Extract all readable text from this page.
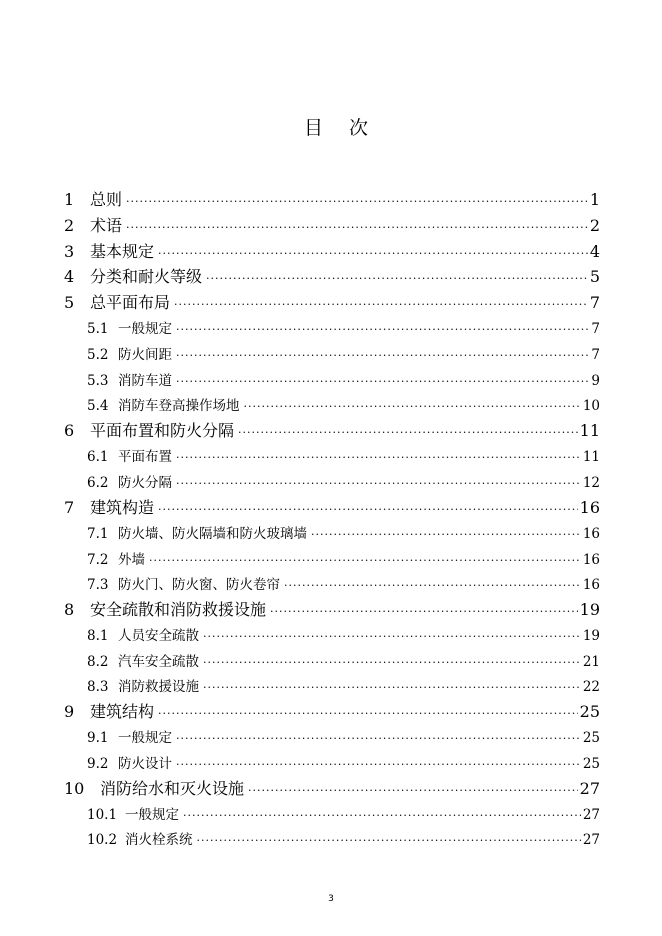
目 次
1 总则 ·····	1
2 术语 ·····	2
3 基本规定 ·····	4
4 分类和耐火等级 ·····	5
5 总平面布局 ·····	7
5.1 一般规定 ·····	7
5.2 防火间距 ·····	7
5.3 消防车道 ·····	9
5.4 消防车登高操作场地 ·····	10
6 平面布置和防火分隔 ·····	11
6.1 平面布置 ·····	11
6.2 防火分隔 ·····	12
7 建筑构造 ·····	16
7.1 防火墙、防火隔墙和防火玻璃墙 ·····	16
7.2 外墙 ·····	16
7.3 防火门、防火窗、防火卷帘 ·····	16
8 安全疏散和消防救援设施 ·····	19
8.1 人员安全疏散 ·····	19
8.2 汽车安全疏散 ·····	21
8.3 消防救援设施 ·····	22
9 建筑结构 ·····	25
9.1 一般规定 ·····	25
9.2 防火设计 ·····	25
10 消防给水和灭火设施 ·····	27
10.1 一般规定 ·····	27
10.2 消火栓系统 ·····	27
3
